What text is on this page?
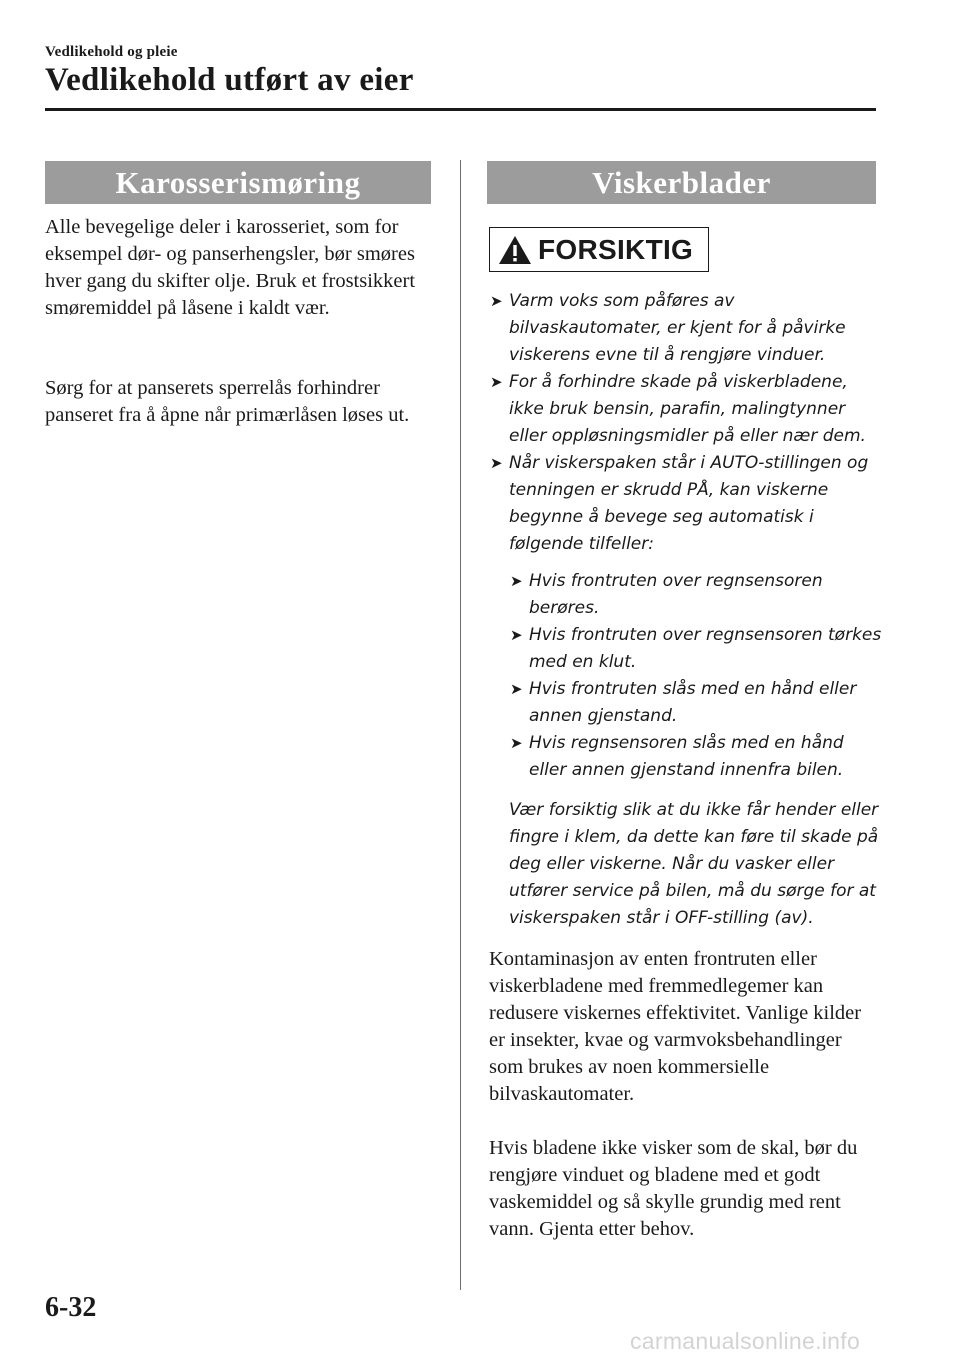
Vedlikehold og pleie
Vedlikehold utført av eier
Karosserismøring

Alle bevegelige deler i karosseriet, som for eksempel dør- og panserhengsler, bør smøres hver gang du skifter olje. Bruk et frostsikkert smøremiddel på låsene i kaldt vær.

Sørg for at panserets sperrelås forhindrer panseret fra å åpne når primærlåsen løses ut.

Viskerblader
FORSIKTIG
➤ Varm voks som påføres av bilvaskautomater, er kjent for å påvirke viskerens evne til å rengjøre vinduer.
➤ For å forhindre skade på viskerbladene, ikke bruk bensin, parafin, malingtynner eller oppløsningsmidler på eller nær dem.
➤ Når viskerspaken står i AUTO-stillingen og tenningen er skrudd PÅ, kan viskerne begynne å bevege seg automatisk i følgende tilfeller:
➤ Hvis frontruten over regnsensoren berøres.
➤ Hvis frontruten over regnsensoren tørkes med en klut.
➤ Hvis frontruten slås med en hånd eller annen gjenstand.
➤ Hvis regnsensoren slås med en hånd eller annen gjenstand innenfra bilen.
Vær forsiktig slik at du ikke får hender eller fingre i klem, da dette kan føre til skade på deg eller viskerne. Når du vasker eller utfører service på bilen, må du sørge for at viskerspaken står i OFF-stilling (av).

Kontaminasjon av enten frontruten eller viskerbladene med fremmedlegemer kan redusere viskernes effektivitet. Vanlige kilder er insekter, kvae og varmvoksbehandlinger som brukes av noen kommersielle bilvaskautomater.

Hvis bladene ikke visker som de skal, bør du rengjøre vinduet og bladene med et godt vaskemiddel og så skylle grundig med rent vann. Gjenta etter behov.

6-32
carmanualsonline.info
